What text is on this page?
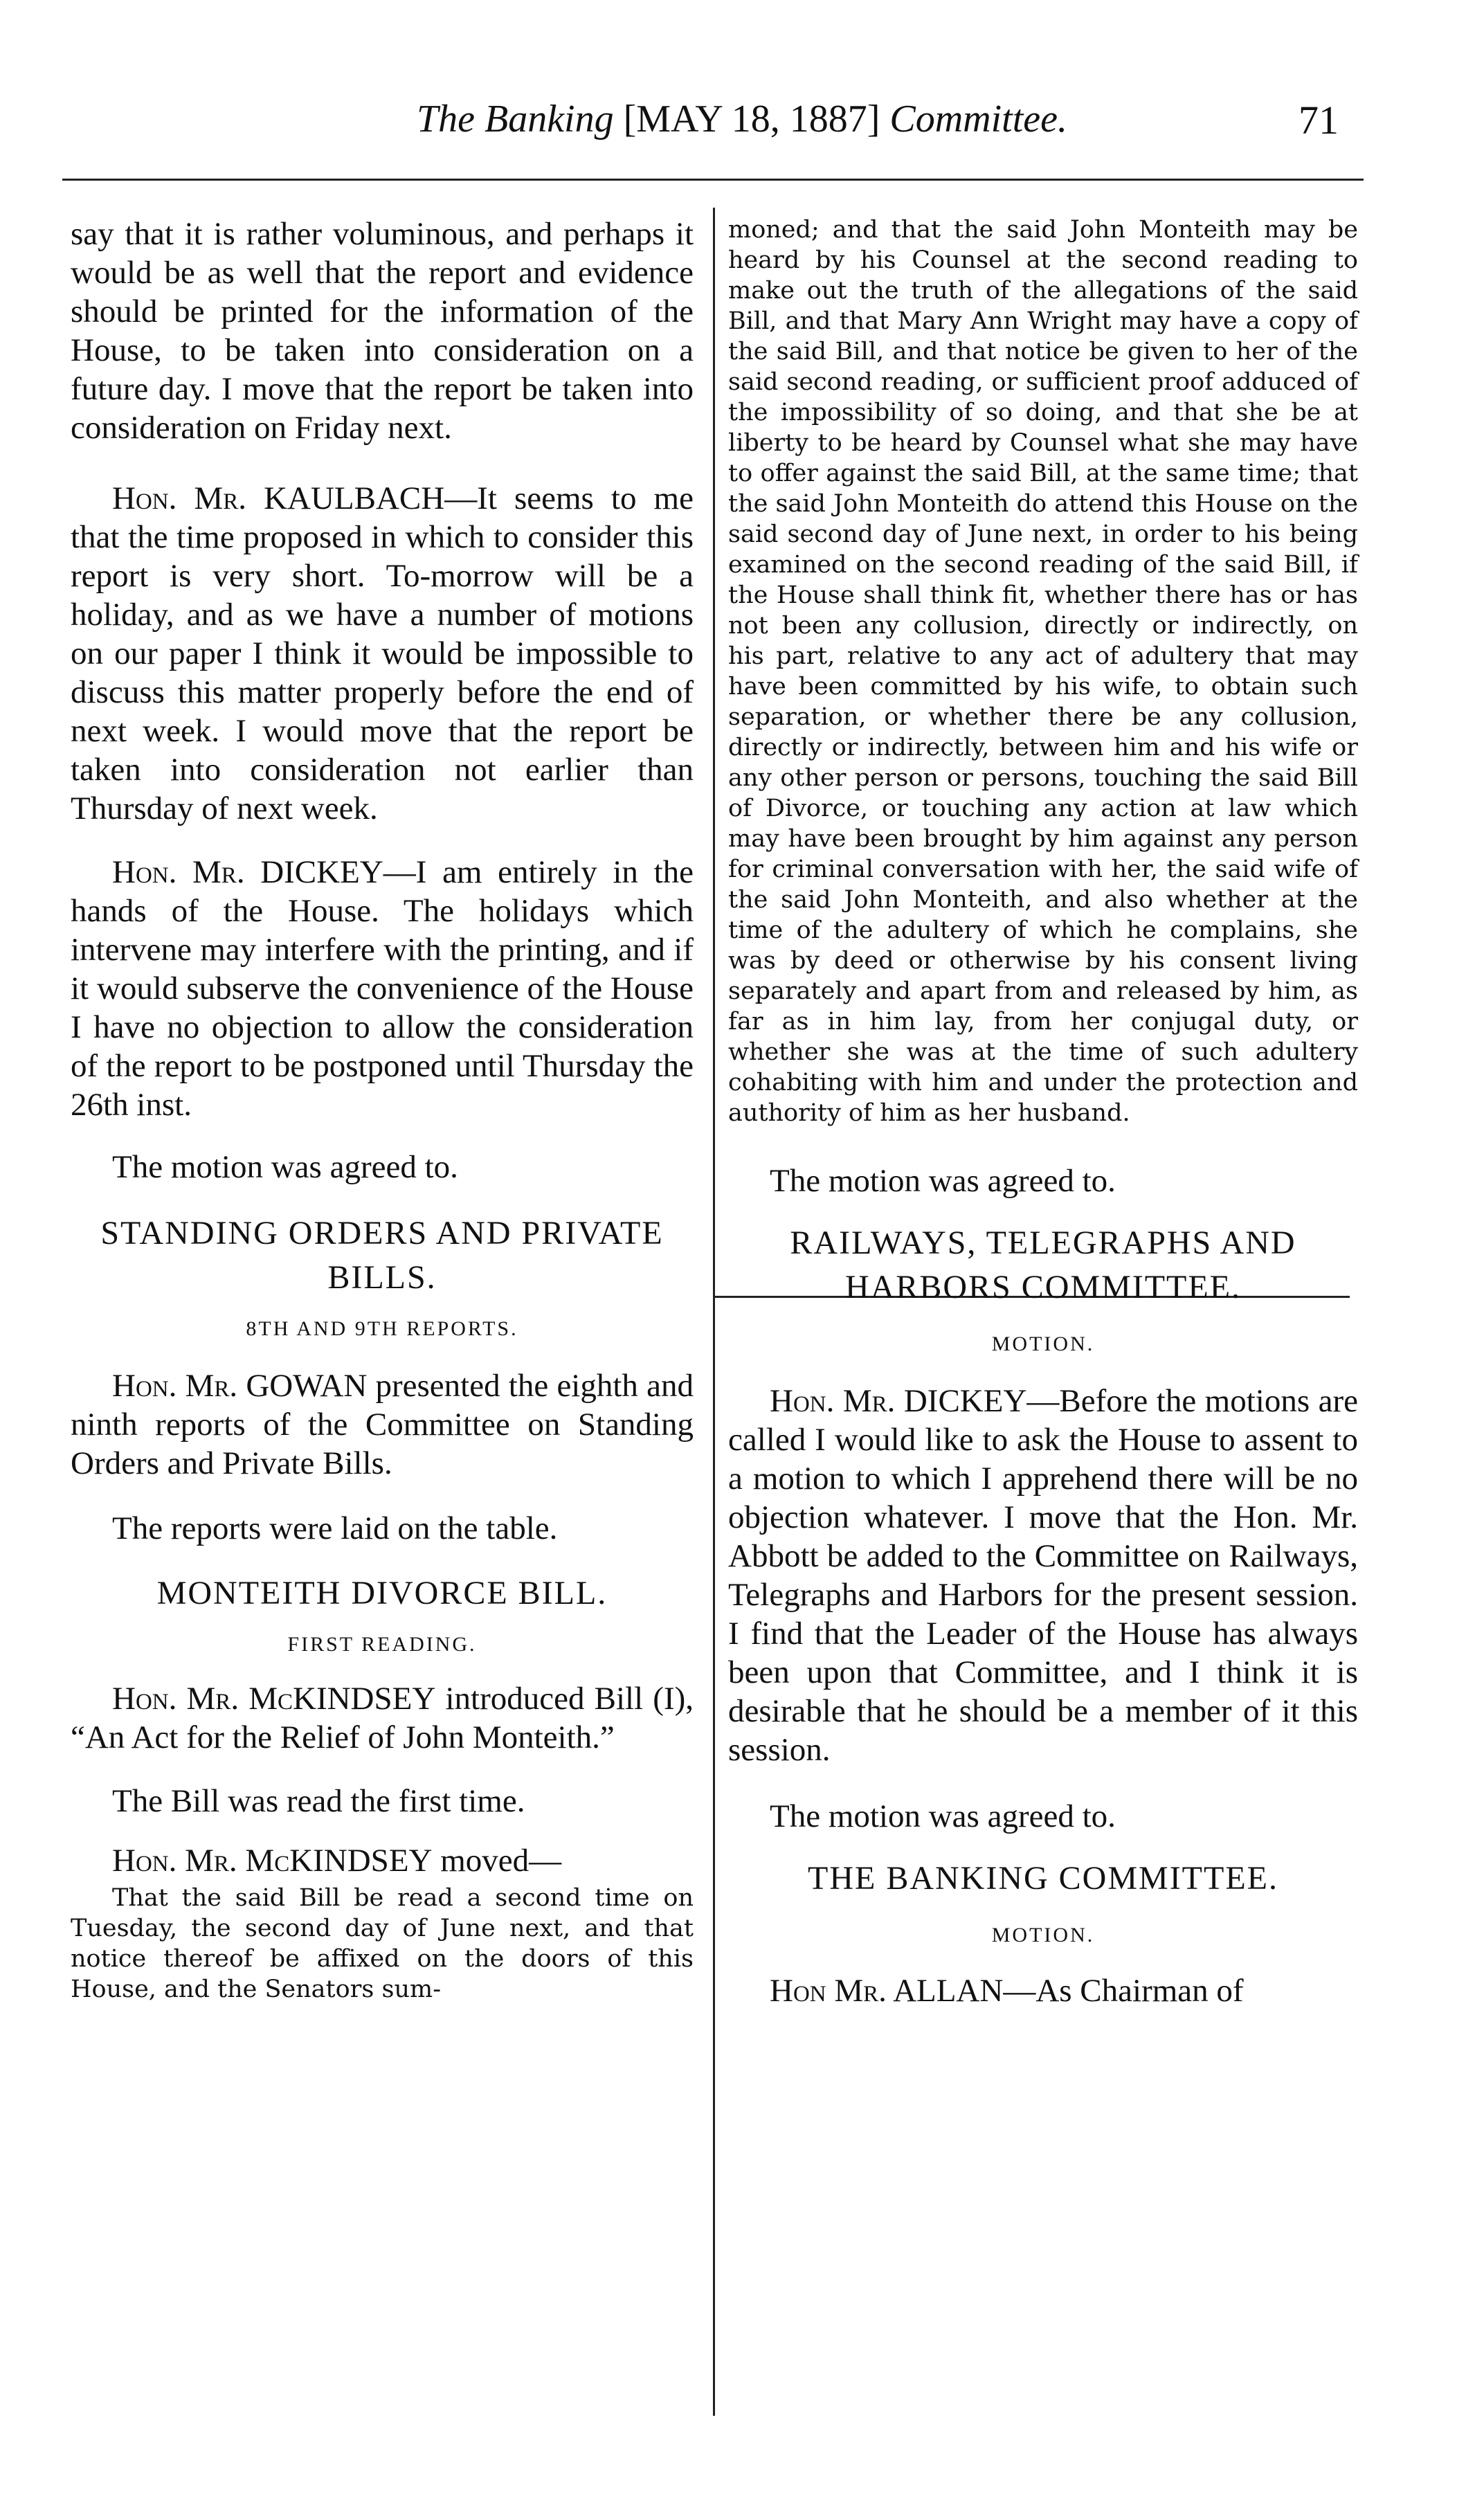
The Banking [MAY 18, 1887] Committee.	71

say that it is rather voluminous, and perhaps it would be as well that the report and evidence should be printed for the information of the House, to be taken into consideration on a future day. I move that the report be taken into consideration on Friday next.

Hon. Mr. KAULBACH—It seems to me that the time proposed in which to consider this report is very short. To-morrow will be a holiday, and as we have a number of motions on our paper I think it would be impossible to discuss this matter properly before the end of next week. I would move that the report be taken into consideration not earlier than Thursday of next week.

Hon. Mr. DICKEY—I am entirely in the hands of the House. The holidays which intervene may interfere with the printing, and if it would subserve the convenience of the House I have no objection to allow the consideration of the report to be postponed until Thursday the 26th inst.

The motion was agreed to.

STANDING ORDERS AND PRIVATE BILLS.

8TH AND 9TH REPORTS.

Hon. Mr. GOWAN presented the eighth and ninth reports of the Committee on Standing Orders and Private Bills.

The reports were laid on the table.

MONTEITH DIVORCE BILL.

FIRST READING.

Hon. Mr. McKINDSEY introduced Bill (I), “An Act for the Relief of John Monteith.”

The Bill was read the first time.

Hon. Mr. McKINDSEY moved—

That the said Bill be read a second time on Tuesday, the second day of June next, and that notice thereof be affixed on the doors of this House, and the Senators sum-

moned; and that the said John Monteith may be heard by his Counsel at the second reading to make out the truth of the allegations of the said Bill, and that Mary Ann Wright may have a copy of the said Bill, and that notice be given to her of the said second reading, or sufficient proof adduced of the impossibility of so doing, and that she be at liberty to be heard by Counsel what she may have to offer against the said Bill, at the same time; that the said John Monteith do attend this House on the said second day of June next, in order to his being examined on the second reading of the said Bill, if the House shall think fit, whether there has or has not been any collusion, directly or indirectly, on his part, relative to any act of adultery that may have been committed by his wife, to obtain such separation, or whether there be any collusion, directly or indirectly, between him and his wife or any other person or persons, touching the said Bill of Divorce, or touching any action at law which may have been brought by him against any person for criminal conversation with her, the said wife of the said John Monteith, and also whether at the time of the adultery of which he complains, she was by deed or otherwise by his consent living separately and apart from and released by him, as far as in him lay, from her conjugal duty, or whether she was at the time of such adultery cohabiting with him and under the protection and authority of him as her husband.

The motion was agreed to.

RAILWAYS, TELEGRAPHS AND HARBORS COMMITTEE.

MOTION.

Hon. Mr. DICKEY—Before the motions are called I would like to ask the House to assent to a motion to which I apprehend there will be no objection whatever. I move that the Hon. Mr. Abbott be added to the Committee on Railways, Telegraphs and Harbors for the present session. I find that the Leader of the House has always been upon that Committee, and I think it is desirable that he should be a member of it this session.

The motion was agreed to.

THE BANKING COMMITTEE.

MOTION.

Hon Mr. ALLAN—As Chairman of
